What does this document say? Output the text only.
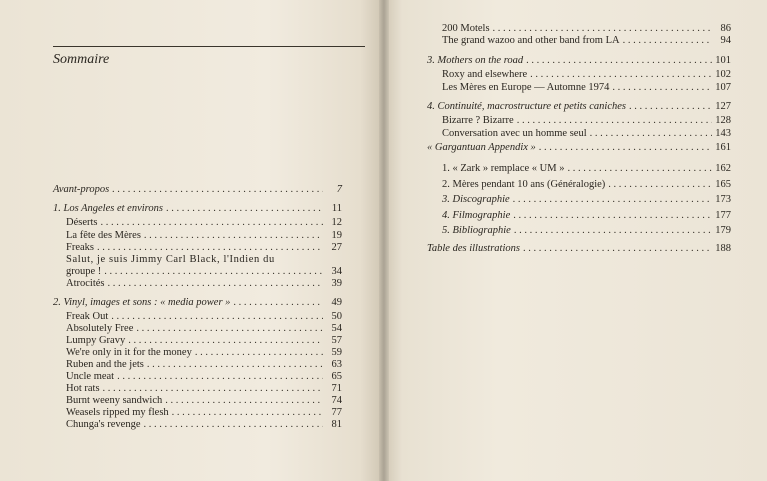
Sommaire
Avant-propos . . .	7
1. Los Angeles et environs . . .	11
Déserts . . .	12
La fête des Mères . . .	19
Freaks . . .	27
Salut, je suis Jimmy Carl Black, l'Indien du
groupe ! . . .	34
Atrocités . . .	39
2. Vinyl, images et sons : « media power » . . .	49
Freak Out . . .	50
Absolutely Free . . .	54
Lumpy Gravy . . .	57
We're only in it for the money . . .	59
Ruben and the jets . . .	63
Uncle meat . . .	65
Hot rats . . .	71
Burnt weeny sandwich . . .	74
Weasels ripped my flesh . . .	77
Chunga's revenge . . .	81
200 Motels . . .	86
The grand wazoo and other band from LA . . .	94
3. Mothers on the road . . .	101
Roxy and elsewhere . . .	102
Les Mères en Europe — Automne 1974 . . .	107
4. Continuité, macrostructure et petits caniches . . .	127
Bizarre ? Bizarre . . .	128
Conversation avec un homme seul . . .	143
« Gargantuan Appendix » . . .	161
1. « Zark » remplace « UM » . . .	162
2. Mères pendant 10 ans (Généralogie) . . .	165
3. Discographie . . .	173
4. Filmographie . . .	177
5. Bibliographie . . .	179
Table des illustrations . . .	188
